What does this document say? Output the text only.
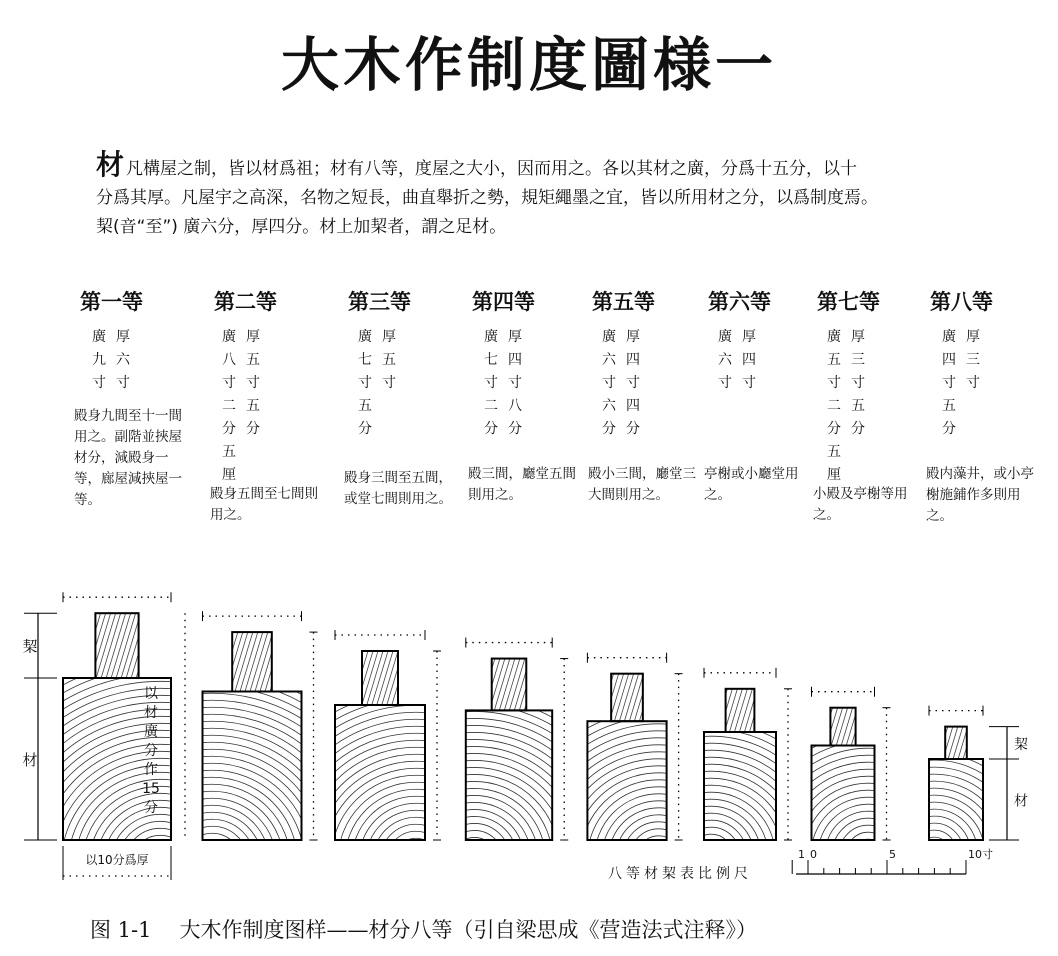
大木作制度圖様一

材凡構屋之制，皆以材爲祖；材有八等，度屋之大小，因而用之。各以其材之廣，分爲十五分，以十

分爲其厚。凡屋宇之高深，名物之短長，曲直舉折之勢，規矩繩墨之宜，皆以所用材之分，以爲制度焉。

栔(音“至”) 廣六分，厚四分。材上加栔者，謂之足材。

第一等
廣
九
寸
厚
六
寸
殿身九間至十一間用之。副階並挾屋材分，減殿身一等，廊屋減挾屋一等。
第二等
廣
八
寸
二
分
五
厘
厚
五
寸
五
分
殿身五間至七間則用之。
第三等
廣
七
寸
五
分
厚
五
寸
殿身三間至五間，或堂七間則用之。
第四等
廣
七
寸
二
分
厚
四
寸
八
分
殿三間，廳堂五間則用之。
第五等
廣
六
寸
六
分
厚
四
寸
四
分
殿小三間，廳堂三大間則用之。
第六等
廣
六
寸
厚
四
寸
亭榭或小廳堂用之。
第七等
廣
五
寸
二
分
五
厘
厚
三
寸
五
分
小殿及亭榭等用之。
第八等
廣
四
寸
五
分
厚
三
寸
殿内藻井，或小亭榭施鋪作多則用之。
以
材
廣
分
作
15
分
以10分爲厚
栔
材
栔
材
八等材栔表比例尺
1 0	5	10寸
图 1-1 大木作制度图样——材分八等（引自梁思成《营造法式注释》）
